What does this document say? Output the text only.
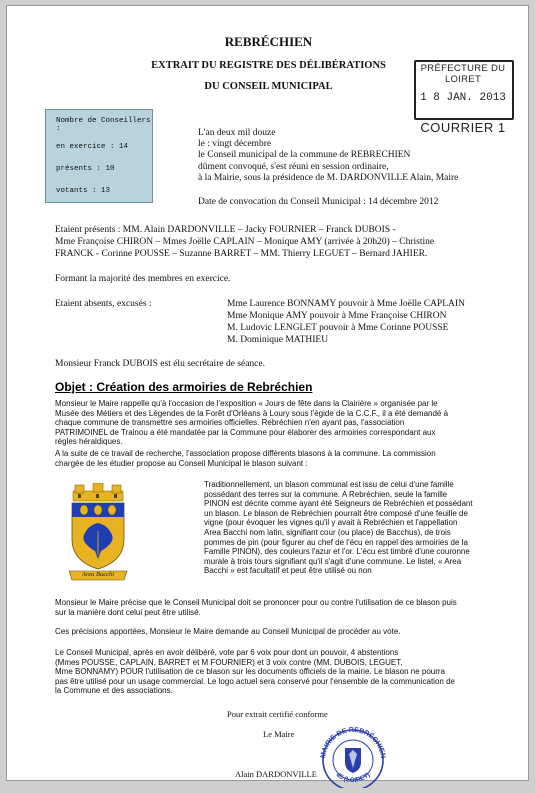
REBRÉCHIEN
EXTRAIT DU REGISTRE DES DÉLIBÉRATIONS
DU CONSEIL MUNICIPAL
PRÉFECTURE DU LOIRET
1 8 JAN. 2013
COURRIER 1
Nombre de Conseillers :
en exercice : 14
présents : 10
votants : 13
L'an deux mil douze
le : vingt décembre
le Conseil municipal de la commune de REBRECHIEN
dûment convoqué, s'est réuni en session ordinaire,
à la Mairie, sous la présidence de M. DARDONVILLE Alain, Maire
Date de convocation du Conseil Municipal : 14 décembre 2012
Etaient présents : MM. Alain DARDONVILLE – Jacky FOURNIER – Franck DUBOIS -
Mme Françoise CHIRON – Mmes Joëlle CAPLAIN – Monique AMY (arrivée à 20h20) – Christine
FRANCK - Corinne POUSSE – Suzanne BARRET – MM. Thierry LEGUET – Bernard JAHIER.
Formant la majorité des membres en exercice.
Etaient absents, excusés :	Mme Laurence BONNAMY pouvoir à Mme Joëlle CAPLAIN
Mme Monique AMY pouvoir à Mme Françoise CHIRON
M. Ludovic LENGLET pouvoir à Mme Corinne POUSSE
M. Dominique MATHIEU
Monsieur Franck DUBOIS est élu secrétaire de séance.
Objet : Création des armoiries de Rebréchien
Monsieur le Maire rappelle qu'à l'occasion de l'exposition « Jours de fête dans la Clairière » organisée par le
Musée des Métiers et des Légendes de la Forêt d'Orléans à Loury sous l'égide de la C.C.F., il a été demandé à
chaque commune de transmettre ses armoiries officielles. Rebréchien n'en ayant pas, l'association
PATRIMOINEL de Trainou a été mandatée par la Commune pour élaborer des armoiries correspondant aux
règles héraldiques.
A la suite de ce travail de recherche, l'association propose différents blasons à la commune. La commission
chargée de les étudier propose au Conseil Municipal le blason suivant :
Area Bacchi
Traditionnellement, un blason communal est issu de celui d'une famille
possédant des terres sur la commune. A Rebréchien, seule la famille
PINON est décrite comme ayant été Seigneurs de Rebréchien et possédant
un blason. Le blason de Rebréchien pourrait être composé d'une feuille de
vigne (pour évoquer les vignes qu'il y avait à Rebréchien et l'appellation
Area Bacchi nom latin, signifiant cour (ou place) de Bacchus), de trois
pommes de pin (pour figurer au chef de l'écu en rappel des armoiries de la
Famille PINON), des couleurs l'azur et l'or. L'écu est timbré d'une couronne
murale à trois tours signifiant qu'il s'agit d'une commune. Le listel, « Area
Bacchi » est facultatif et peut être utilisé ou non
Monsieur le Maire précise que le Conseil Municipal doit se prononcer pour ou contre l'utilisation de ce blason puis
sur la manière dont celui peut être utilisé.
Ces précisions apportées, Monsieur le Maire demande au Conseil Municipal de procéder au vote.
Le Conseil Municipal, après en avoir délibéré, vote par 6 voix pour dont un pouvoir, 4 abstentions
(Mmes POUSSE, CAPLAIN, BARRET et M FOURNIER) et 3 voix contre (MM. DUBOIS, LEGUET,
Mme BONNAMY) POUR l'utilisation de ce blason sur les documents officiels de la mairie. Le blason ne pourra
pas être utilisé pour un usage commercial. Le logo actuel sera conservé pour l'ensemble de la communication de
la Commune et des associations.
Pour extrait certifié conforme
Le Maire
Alain DARDONVILLE
MAIRIE DE REBRÉCHIEN
45 (LOIRET)
